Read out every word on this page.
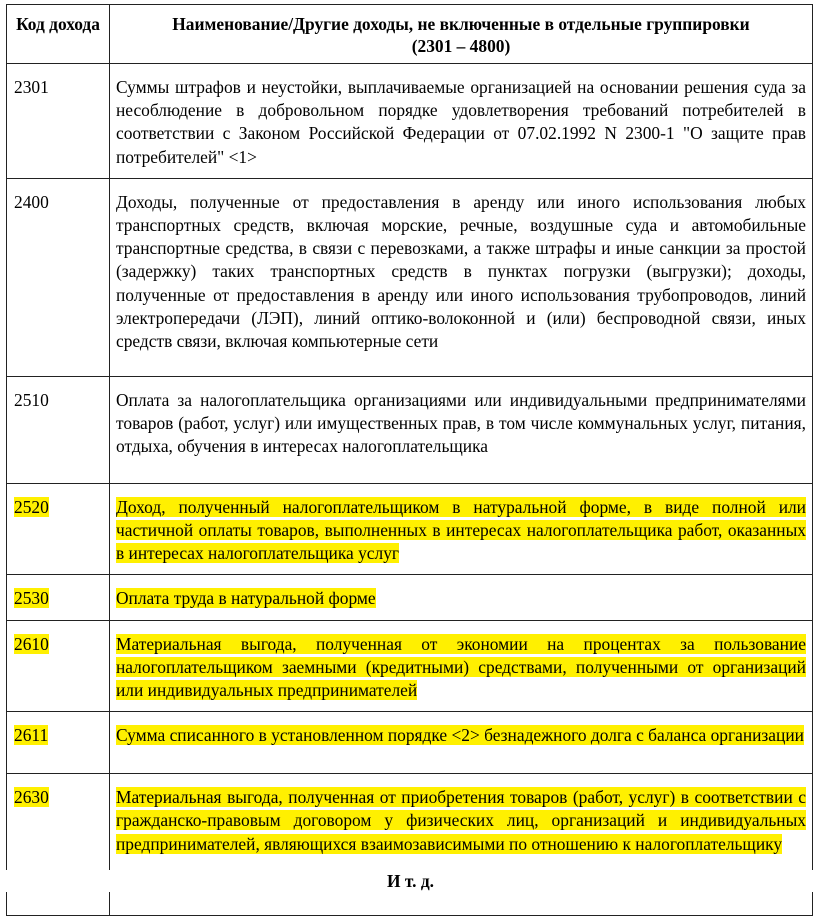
Код дохода	Наименование/Другие доходы, не включенные в отдельные группировки
(2301 – 4800)
2301	Суммы штрафов и неустойки, выплачиваемые организацией на основании решения суда за несоблюдение в добровольном порядке удовлетворения требований потребителей в соответствии с Законом Российской Федерации от 07.02.1992 N 2300-1 "О защите прав потребителей" <1>
2400	Доходы, полученные от предоставления в аренду или иного использования любых транспортных средств, включая морские, речные, воздушные суда и автомобильные транспортные средства, в связи с перевозками, а также штрафы и иные санкции за простой (задержку) таких транспортных средств в пунктах погрузки (выгрузки); доходы, полученные от предоставления в аренду или иного использования трубопроводов, линий электропередачи (ЛЭП), линий оптико-волоконной и (или) беспроводной связи, иных средств связи, включая компьютерные сети
2510	Оплата за налогоплательщика организациями или индивидуальными предпринимателями товаров (работ, услуг) или имущественных прав, в том числе коммунальных услуг, питания, отдыха, обучения в интересах налогоплательщика
2520	Доход, полученный налогоплательщиком в натуральной форме, в виде полной или частичной оплаты товаров, выполненных в интересах налогоплательщика работ, оказанных в интересах налогоплательщика услуг
2530	Оплата труда в натуральной форме
2610	Материальная выгода, полученная от экономии на процентах за пользование налогоплательщиком заемными (кредитными) средствами, полученными от организаций или индивидуальных предпринимателей
2611	Сумма списанного в установленном порядке <2> безнадежного долга с баланса организации
2630	Материальная выгода, полученная от приобретения товаров (работ, услуг) в соответствии с гражданско-правовым договором у физических лиц, организаций и индивидуальных предпринимателей, являющихся взаимозависимыми по отношению к налогоплательщику
И т. д.
